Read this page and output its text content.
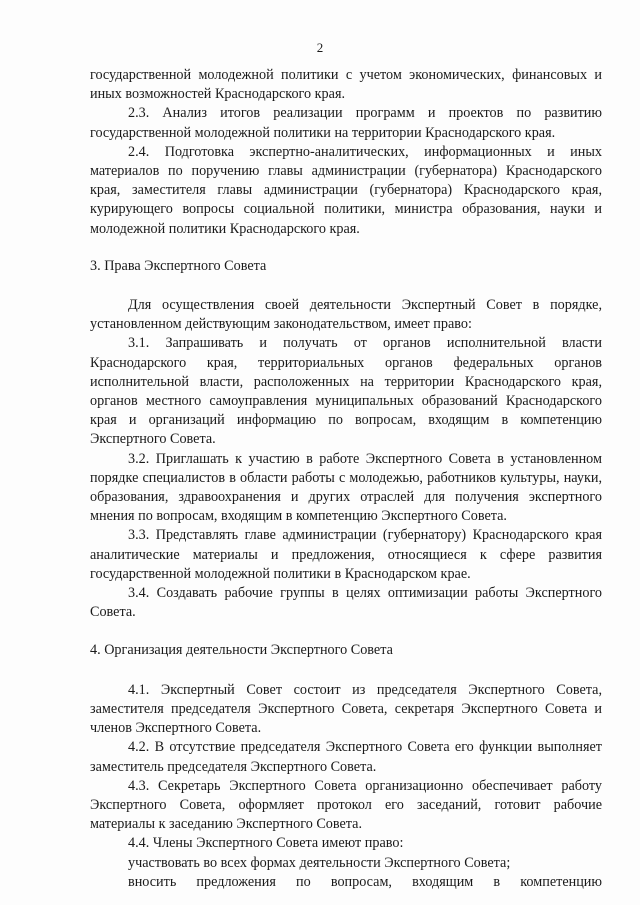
2

государственной молодежной политики с учетом экономических, финансовых и иных возможностей Краснодарского края.

2.3. Анализ итогов реализации программ и проектов по развитию государственной молодежной политики на территории Краснодарского края.

2.4. Подготовка экспертно-аналитических, информационных и иных материалов по поручению главы администрации (губернатора) Краснодарского края, заместителя главы администрации (губернатора) Краснодарского края, курирующего вопросы социальной политики, министра образования, науки и молодежной политики Краснодарского края.

3. Права Экспертного Совета

Для осуществления своей деятельности Экспертный Совет в порядке, установленном действующим законодательством, имеет право:

3.1. Запрашивать и получать от органов исполнительной власти Краснодарского края, территориальных органов федеральных органов исполнительной власти, расположенных на территории Краснодарского края, органов местного самоуправления муниципальных образований Краснодарского края и организаций информацию по вопросам, входящим в компетенцию Экспертного Совета.

3.2. Приглашать к участию в работе Экспертного Совета в установленном порядке специалистов в области работы с молодежью, работников культуры, науки, образования, здравоохранения и других отраслей для получения экспертного мнения по вопросам, входящим в компетенцию Экспертного Совета.

3.3. Представлять главе администрации (губернатору) Краснодарского края аналитические материалы и предложения, относящиеся к сфере развития государственной молодежной политики в Краснодарском крае.

3.4. Создавать рабочие группы в целях оптимизации работы Экспертного Совета.

4. Организация деятельности Экспертного Совета

4.1. Экспертный Совет состоит из председателя Экспертного Совета, заместителя председателя Экспертного Совета, секретаря Экспертного Совета и членов Экспертного Совета.

4.2. В отсутствие председателя Экспертного Совета его функции выполняет заместитель председателя Экспертного Совета.

4.3. Секретарь Экспертного Совета организационно обеспечивает работу Экспертного Совета, оформляет протокол его заседаний, готовит рабочие материалы к заседанию Экспертного Совета.

4.4. Члены Экспертного Совета имеют право:

участвовать во всех формах деятельности Экспертного Совета;

вносить предложения по вопросам, входящим в компетенцию
